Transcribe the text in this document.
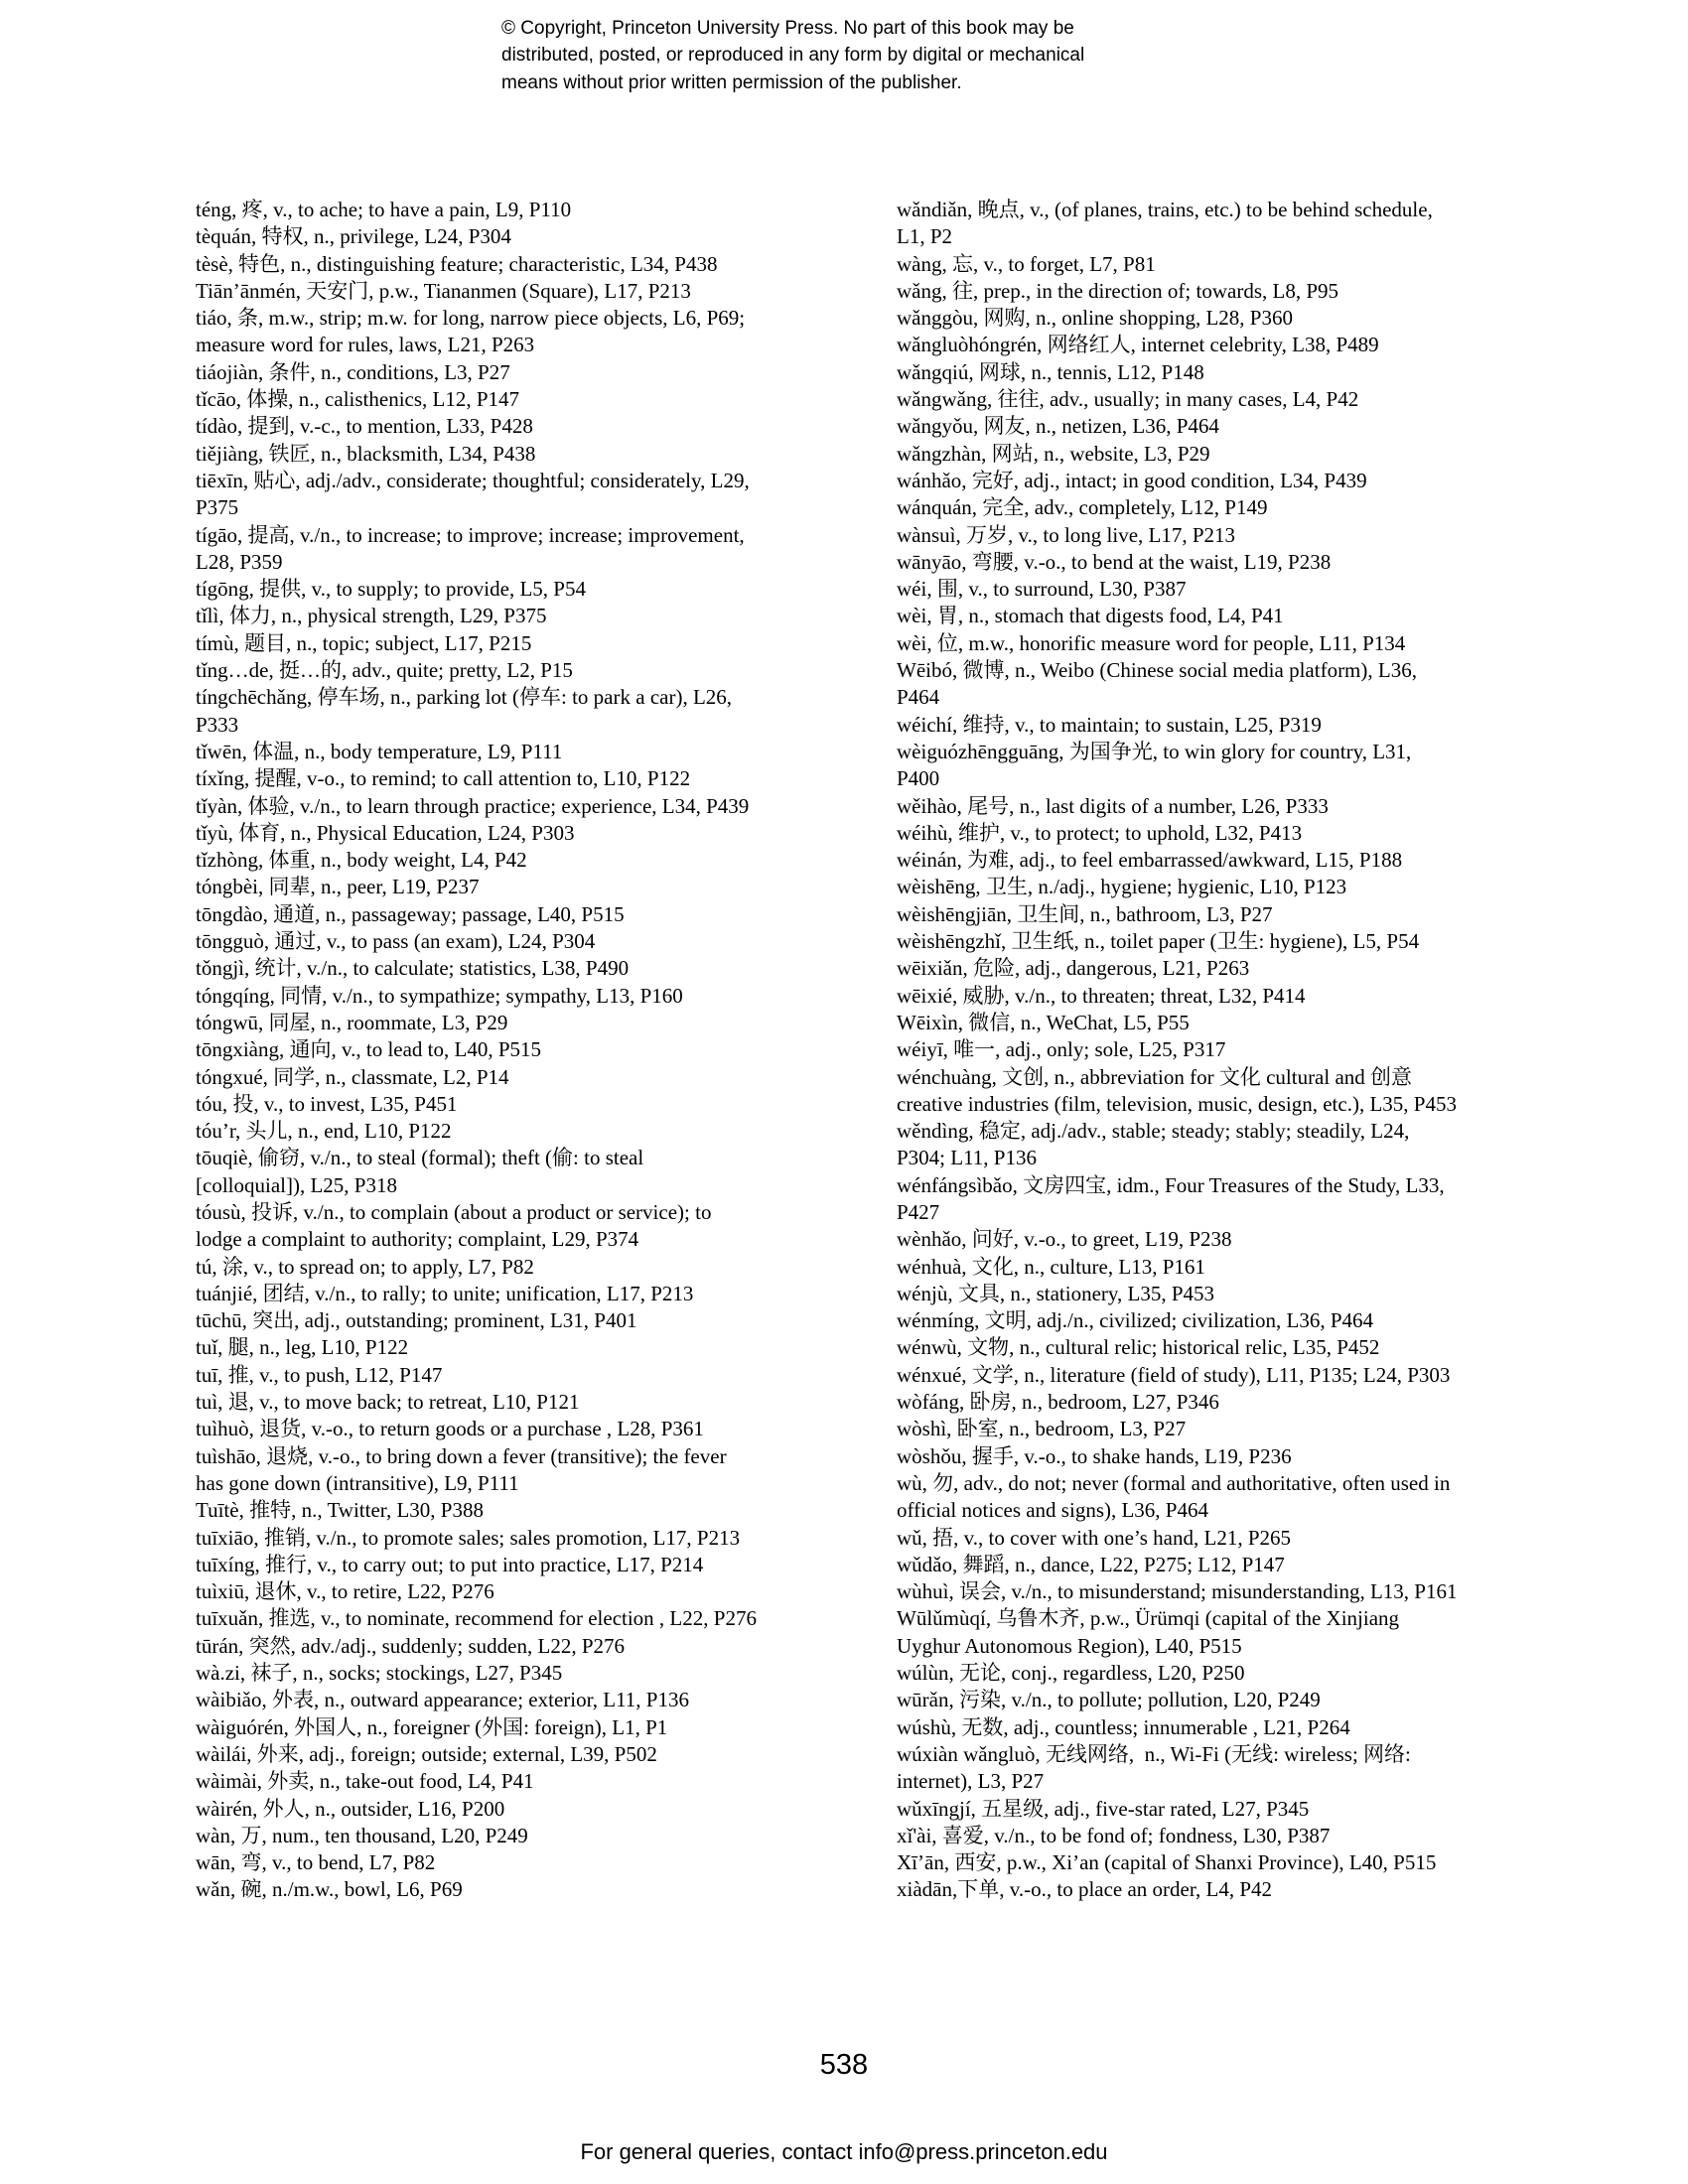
© Copyright, Princeton University Press. No part of this book may be
distributed, posted, or reproduced in any form by digital or mechanical
means without prior written permission of the publisher.
téng, 疼, v., to ache; to have a pain, L9, P110
tèquán, 特权, n., privilege, L24, P304
tèsè, 特色, n., distinguishing feature; characteristic, L34, P438
Tiān’ānmén, 天安门, p.w., Tiananmen (Square), L17, P213
tiáo, 条, m.w., strip; m.w. for long, narrow piece objects, L6, P69;
measure word for rules, laws, L21, P263
tiáojiàn, 条件, n., conditions, L3, P27
tǐcāo, 体操, n., calisthenics, L12, P147
tídào, 提到, v.-c., to mention, L33, P428
tiějiàng, 铁匠, n., blacksmith, L34, P438
tiēxīn, 贴心, adj./adv., considerate; thoughtful; considerately, L29,
P375
tígāo, 提高, v./n., to increase; to improve; increase; improvement,
L28, P359
tígōng, 提供, v., to supply; to provide, L5, P54
tǐlì, 体力, n., physical strength, L29, P375
tímù, 题目, n., topic; subject, L17, P215
tǐng…de, 挺…的, adv., quite; pretty, L2, P15
tíngchēchǎng, 停车场, n., parking lot (停车: to park a car), L26,
P333
tǐwēn, 体温, n., body temperature, L9, P111
tíxǐng, 提醒, v-o., to remind; to call attention to, L10, P122
tǐyàn, 体验, v./n., to learn through practice; experience, L34, P439
tǐyù, 体育, n., Physical Education, L24, P303
tǐzhòng, 体重, n., body weight, L4, P42
tóngbèi, 同辈, n., peer, L19, P237
tōngdào, 通道, n., passageway; passage, L40, P515
tōngguò, 通过, v., to pass (an exam), L24, P304
tǒngjì, 统计, v./n., to calculate; statistics, L38, P490
tóngqíng, 同情, v./n., to sympathize; sympathy, L13, P160
tóngwū, 同屋, n., roommate, L3, P29
tōngxiàng, 通向, v., to lead to, L40, P515
tóngxué, 同学, n., classmate, L2, P14
tóu, 投, v., to invest, L35, P451
tóu’r, 头儿, n., end, L10, P122
tōuqiè, 偷窃, v./n., to steal (formal); theft (偷: to steal
[colloquial]), L25, P318
tóusù, 投诉, v./n., to complain (about a product or service); to
lodge a complaint to authority; complaint, L29, P374
tú, 涂, v., to spread on; to apply, L7, P82
tuánjié, 团结, v./n., to rally; to unite; unification, L17, P213
tūchū, 突出, adj., outstanding; prominent, L31, P401
tuǐ, 腿, n., leg, L10, P122
tuī, 推, v., to push, L12, P147
tuì, 退, v., to move back; to retreat, L10, P121
tuìhuò, 退货, v.-o., to return goods or a purchase , L28, P361
tuìshāo, 退烧, v.-o., to bring down a fever (transitive); the fever
has gone down (intransitive), L9, P111
Tuītè, 推特, n., Twitter, L30, P388
tuīxiāo, 推销, v./n., to promote sales; sales promotion, L17, P213
tuīxíng, 推行, v., to carry out; to put into practice, L17, P214
tuìxiū, 退休, v., to retire, L22, P276
tuīxuǎn, 推选, v., to nominate, recommend for election , L22, P276
tūrán, 突然, adv./adj., suddenly; sudden, L22, P276
wà.zi, 袜子, n., socks; stockings, L27, P345
wàibiǎo, 外表, n., outward appearance; exterior, L11, P136
wàiguórén, 外国人, n., foreigner (外国: foreign), L1, P1
wàilái, 外来, adj., foreign; outside; external, L39, P502
wàimài, 外卖, n., take-out food, L4, P41
wàirén, 外人, n., outsider, L16, P200
wàn, 万, num., ten thousand, L20, P249
wān, 弯, v., to bend, L7, P82
wǎn, 碗, n./m.w., bowl, L6, P69
wǎndiǎn, 晚点, v., (of planes, trains, etc.) to be behind schedule,
L1, P2
wàng, 忘, v., to forget, L7, P81
wǎng, 往, prep., in the direction of; towards, L8, P95
wǎnggòu, 网购, n., online shopping, L28, P360
wǎngluòhóngrén, 网络红人, internet celebrity, L38, P489
wǎngqiú, 网球, n., tennis, L12, P148
wǎngwǎng, 往往, adv., usually; in many cases, L4, P42
wǎngyǒu, 网友, n., netizen, L36, P464
wǎngzhàn, 网站, n., website, L3, P29
wánhǎo, 完好, adj., intact; in good condition, L34, P439
wánquán, 完全, adv., completely, L12, P149
wànsuì, 万岁, v., to long live, L17, P213
wānyāo, 弯腰, v.-o., to bend at the waist, L19, P238
wéi, 围, v., to surround, L30, P387
wèi, 胃, n., stomach that digests food, L4, P41
wèi, 位, m.w., honorific measure word for people, L11, P134
Wēibó, 微博, n., Weibo (Chinese social media platform), L36,
P464
wéichí, 维持, v., to maintain; to sustain, L25, P319
wèiguózhēngguāng, 为国争光, to win glory for country, L31,
P400
wěihào, 尾号, n., last digits of a number, L26, P333
wéihù, 维护, v., to protect; to uphold, L32, P413
wéinán, 为难, adj., to feel embarrassed/awkward, L15, P188
wèishēng, 卫生, n./adj., hygiene; hygienic, L10, P123
wèishēngjiān, 卫生间, n., bathroom, L3, P27
wèishēngzhǐ, 卫生纸, n., toilet paper (卫生: hygiene), L5, P54
wēixiǎn, 危险, adj., dangerous, L21, P263
wēixié, 威胁, v./n., to threaten; threat, L32, P414
Wēixìn, 微信, n., WeChat, L5, P55
wéiyī, 唯一, adj., only; sole, L25, P317
wénchuàng, 文创, n., abbreviation for 文化 cultural and 创意
creative industries (film, television, music, design, etc.), L35, P453
wěndìng, 稳定, adj./adv., stable; steady; stably; steadily, L24,
P304; L11, P136
wénfángsìbǎo, 文房四宝, idm., Four Treasures of the Study, L33,
P427
wènhǎo, 问好, v.-o., to greet, L19, P238
wénhuà, 文化, n., culture, L13, P161
wénjù, 文具, n., stationery, L35, P453
wénmíng, 文明, adj./n., civilized; civilization, L36, P464
wénwù, 文物, n., cultural relic; historical relic, L35, P452
wénxué, 文学, n., literature (field of study), L11, P135; L24, P303
wòfáng, 卧房, n., bedroom, L27, P346
wòshì, 卧室, n., bedroom, L3, P27
wòshǒu, 握手, v.-o., to shake hands, L19, P236
wù, 勿, adv., do not; never (formal and authoritative, often used in
official notices and signs), L36, P464
wǔ, 捂, v., to cover with one’s hand, L21, P265
wǔdǎo, 舞蹈, n., dance, L22, P275; L12, P147
wùhuì, 误会, v./n., to misunderstand; misunderstanding, L13, P161
Wūlǔmùqí, 乌鲁木齐, p.w., Ürümqi (capital of the Xinjiang
Uyghur Autonomous Region), L40, P515
wúlùn, 无论, conj., regardless, L20, P250
wūrǎn, 污染, v./n., to pollute; pollution, L20, P249
wúshù, 无数, adj., countless; innumerable , L21, P264
wúxiàn wǎngluò, 无线网络,  n., Wi-Fi (无线: wireless; 网络:
internet), L3, P27
wǔxīngjí, 五星级, adj., five-star rated, L27, P345
xǐ'ài, 喜爱, v./n., to be fond of; fondness, L30, P387
Xī’ān, 西安, p.w., Xi’an (capital of Shanxi Province), L40, P515
xiàdān,下单, v.-o., to place an order, L4, P42
538
For general queries, contact info@press.princeton.edu
